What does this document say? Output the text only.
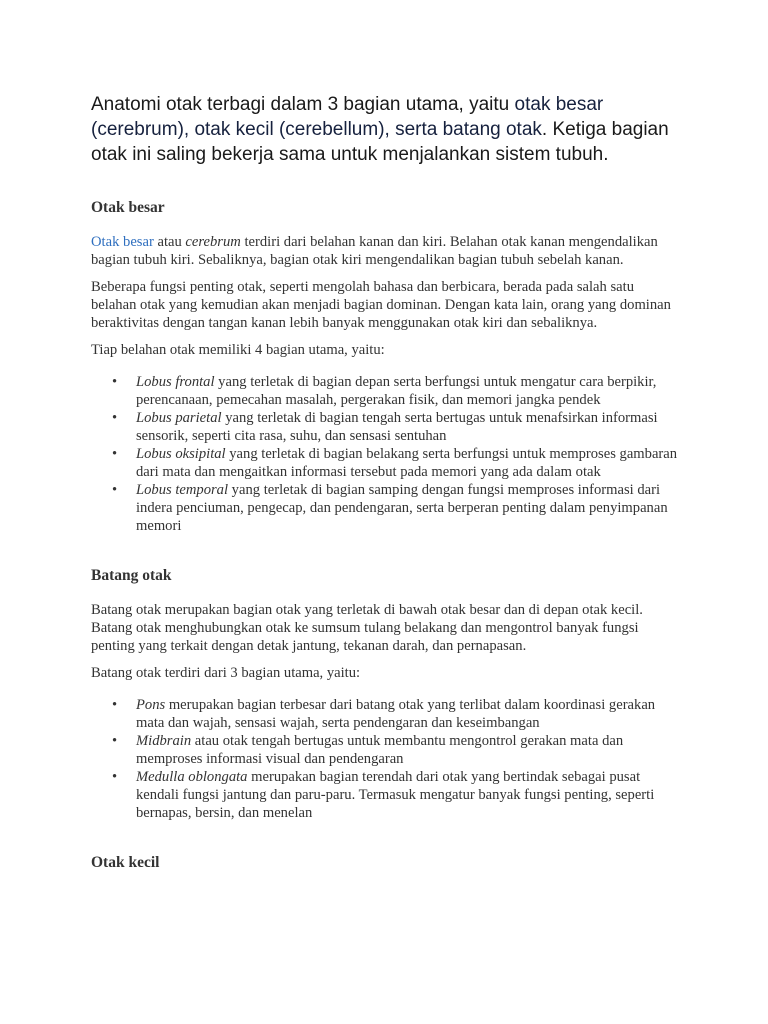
Anatomi otak terbagi dalam 3 bagian utama, yaitu otak besar (cerebrum), otak kecil (cerebellum), serta batang otak. Ketiga bagian otak ini saling bekerja sama untuk menjalankan sistem tubuh.

Otak besar

Otak besar atau cerebrum terdiri dari belahan kanan dan kiri. Belahan otak kanan mengendalikan bagian tubuh kiri. Sebaliknya, bagian otak kiri mengendalikan bagian tubuh sebelah kanan.

Beberapa fungsi penting otak, seperti mengolah bahasa dan berbicara, berada pada salah satu belahan otak yang kemudian akan menjadi bagian dominan. Dengan kata lain, orang yang dominan beraktivitas dengan tangan kanan lebih banyak menggunakan otak kiri dan sebaliknya.

Tiap belahan otak memiliki 4 bagian utama, yaitu:

• Lobus frontal yang terletak di bagian depan serta berfungsi untuk mengatur cara berpikir, perencanaan, pemecahan masalah, pergerakan fisik, dan memori jangka pendek
• Lobus parietal yang terletak di bagian tengah serta bertugas untuk menafsirkan informasi sensorik, seperti cita rasa, suhu, dan sensasi sentuhan
• Lobus oksipital yang terletak di bagian belakang serta berfungsi untuk memproses gambaran dari mata dan mengaitkan informasi tersebut pada memori yang ada dalam otak
• Lobus temporal yang terletak di bagian samping dengan fungsi memproses informasi dari indera penciuman, pengecap, dan pendengaran, serta berperan penting dalam penyimpanan memori
Batang otak

Batang otak merupakan bagian otak yang terletak di bawah otak besar dan di depan otak kecil. Batang otak menghubungkan otak ke sumsum tulang belakang dan mengontrol banyak fungsi penting yang terkait dengan detak jantung, tekanan darah, dan pernapasan.

Batang otak terdiri dari 3 bagian utama, yaitu:

• Pons merupakan bagian terbesar dari batang otak yang terlibat dalam koordinasi gerakan mata dan wajah, sensasi wajah, serta pendengaran dan keseimbangan
• Midbrain atau otak tengah bertugas untuk membantu mengontrol gerakan mata dan memproses informasi visual dan pendengaran
• Medulla oblongata merupakan bagian terendah dari otak yang bertindak sebagai pusat kendali fungsi jantung dan paru-paru. Termasuk mengatur banyak fungsi penting, seperti bernapas, bersin, dan menelan
Otak kecil
